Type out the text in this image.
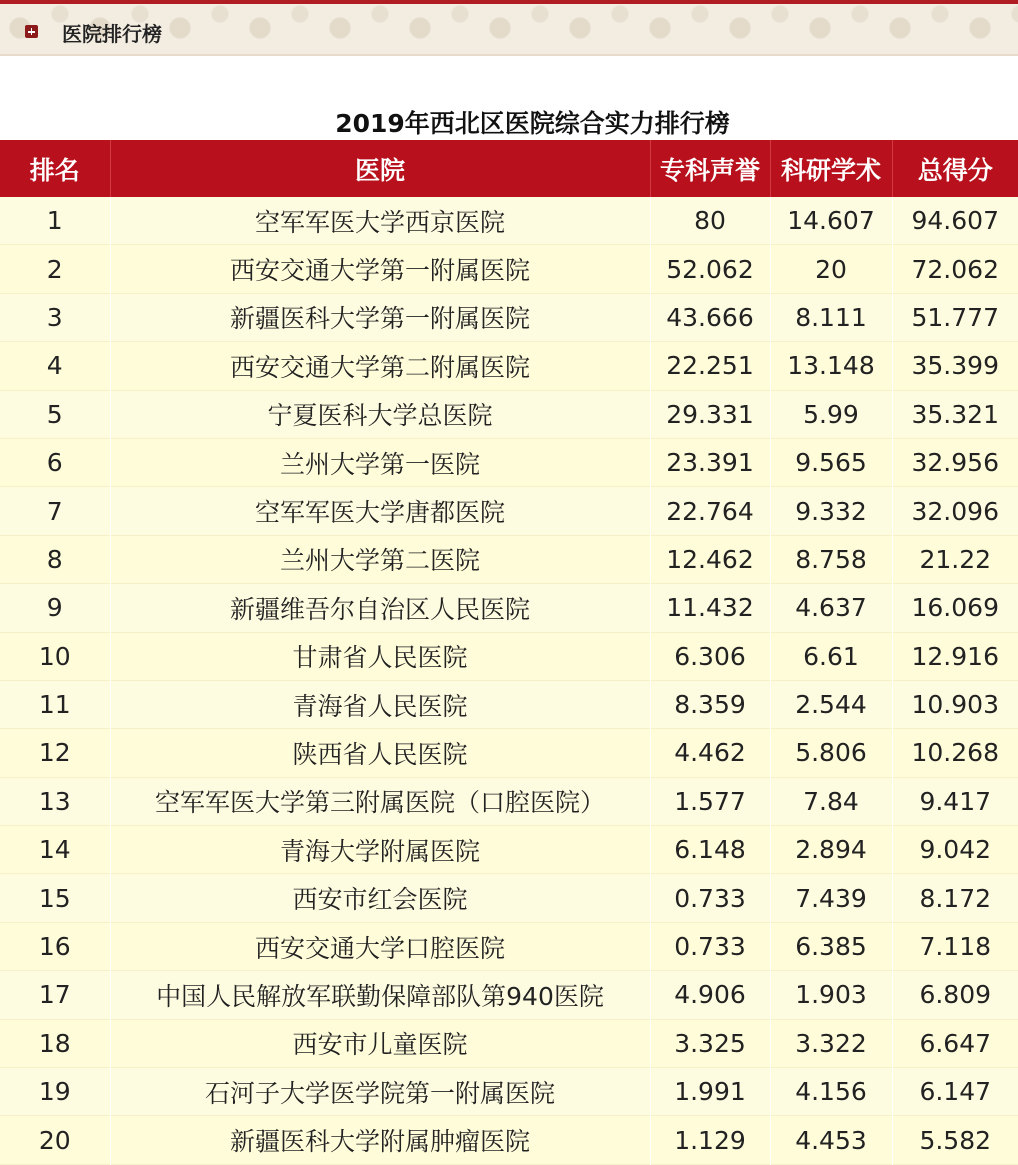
医院排行榜
2019年西北区医院综合实力排行榜
排名	医院	专科声誉	科研学术	总得分
1	空军军医大学西京医院	80	14.607	94.607
2	西安交通大学第一附属医院	52.062	20	72.062
3	新疆医科大学第一附属医院	43.666	8.111	51.777
4	西安交通大学第二附属医院	22.251	13.148	35.399
5	宁夏医科大学总医院	29.331	5.99	35.321
6	兰州大学第一医院	23.391	9.565	32.956
7	空军军医大学唐都医院	22.764	9.332	32.096
8	兰州大学第二医院	12.462	8.758	21.22
9	新疆维吾尔自治区人民医院	11.432	4.637	16.069
10	甘肃省人民医院	6.306	6.61	12.916
11	青海省人民医院	8.359	2.544	10.903
12	陕西省人民医院	4.462	5.806	10.268
13	空军军医大学第三附属医院（口腔医院）	1.577	7.84	9.417
14	青海大学附属医院	6.148	2.894	9.042
15	西安市红会医院	0.733	7.439	8.172
16	西安交通大学口腔医院	0.733	6.385	7.118
17	中国人民解放军联勤保障部队第940医院	4.906	1.903	6.809
18	西安市儿童医院	3.325	3.322	6.647
19	石河子大学医学院第一附属医院	1.991	4.156	6.147
20	新疆医科大学附属肿瘤医院	1.129	4.453	5.582
